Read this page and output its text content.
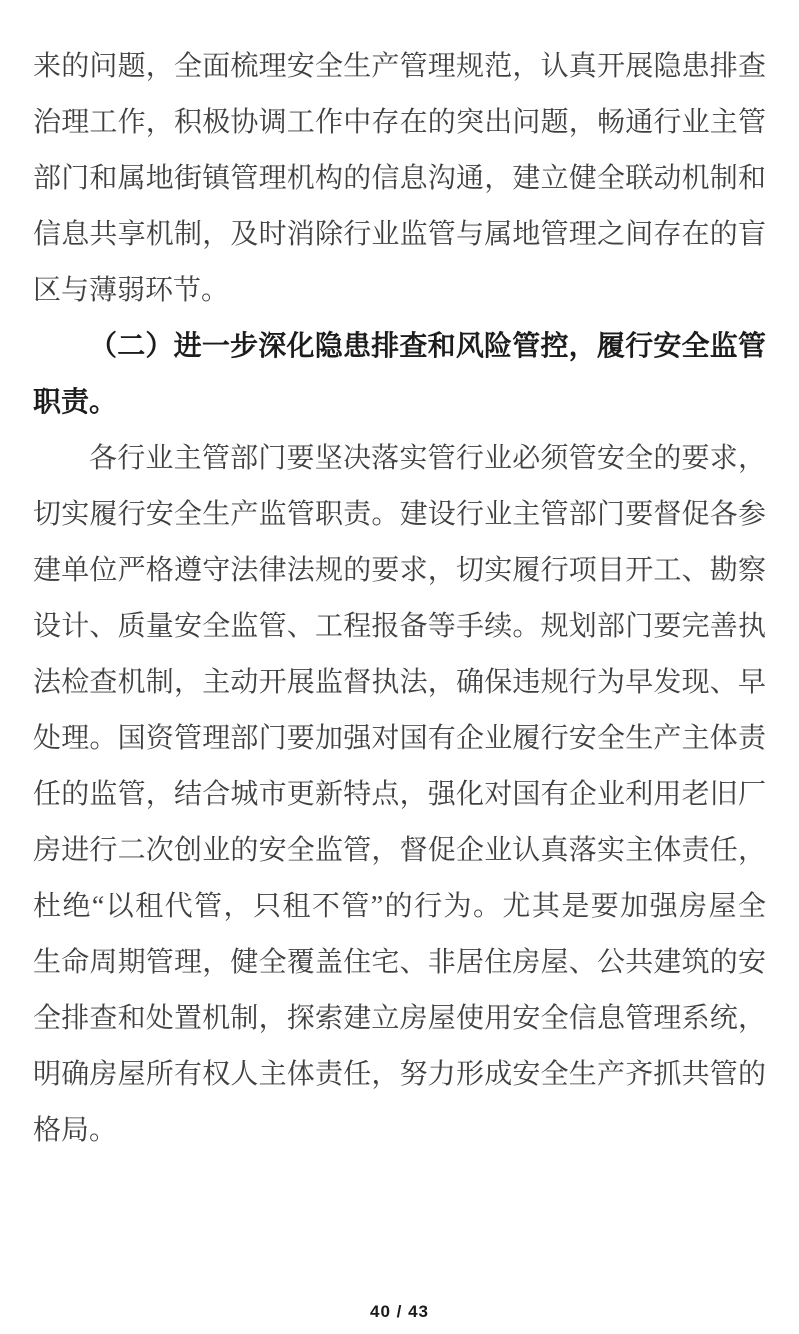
来的问题，全面梳理安全生产管理规范，认真开展隐患排查
治理工作，积极协调工作中存在的突出问题，畅通行业主管
部门和属地街镇管理机构的信息沟通，建立健全联动机制和
信息共享机制，及时消除行业监管与属地管理之间存在的盲
区与薄弱环节。
（二）进一步深化隐患排查和风险管控，履行安全监管
职责。
各行业主管部门要坚决落实管行业必须管安全的要求，
切实履行安全生产监管职责。建设行业主管部门要督促各参
建单位严格遵守法律法规的要求，切实履行项目开工、勘察
设计、质量安全监管、工程报备等手续。规划部门要完善执
法检查机制，主动开展监督执法，确保违规行为早发现、早
处理。国资管理部门要加强对国有企业履行安全生产主体责
任的监管，结合城市更新特点，强化对国有企业利用老旧厂
房进行二次创业的安全监管，督促企业认真落实主体责任，
杜绝“以租代管，只租不管”的行为。尤其是要加强房屋全
生命周期管理，健全覆盖住宅、非居住房屋、公共建筑的安
全排查和处置机制，探索建立房屋使用安全信息管理系统，
明确房屋所有权人主体责任，努力形成安全生产齐抓共管的
格局。
40 / 43
